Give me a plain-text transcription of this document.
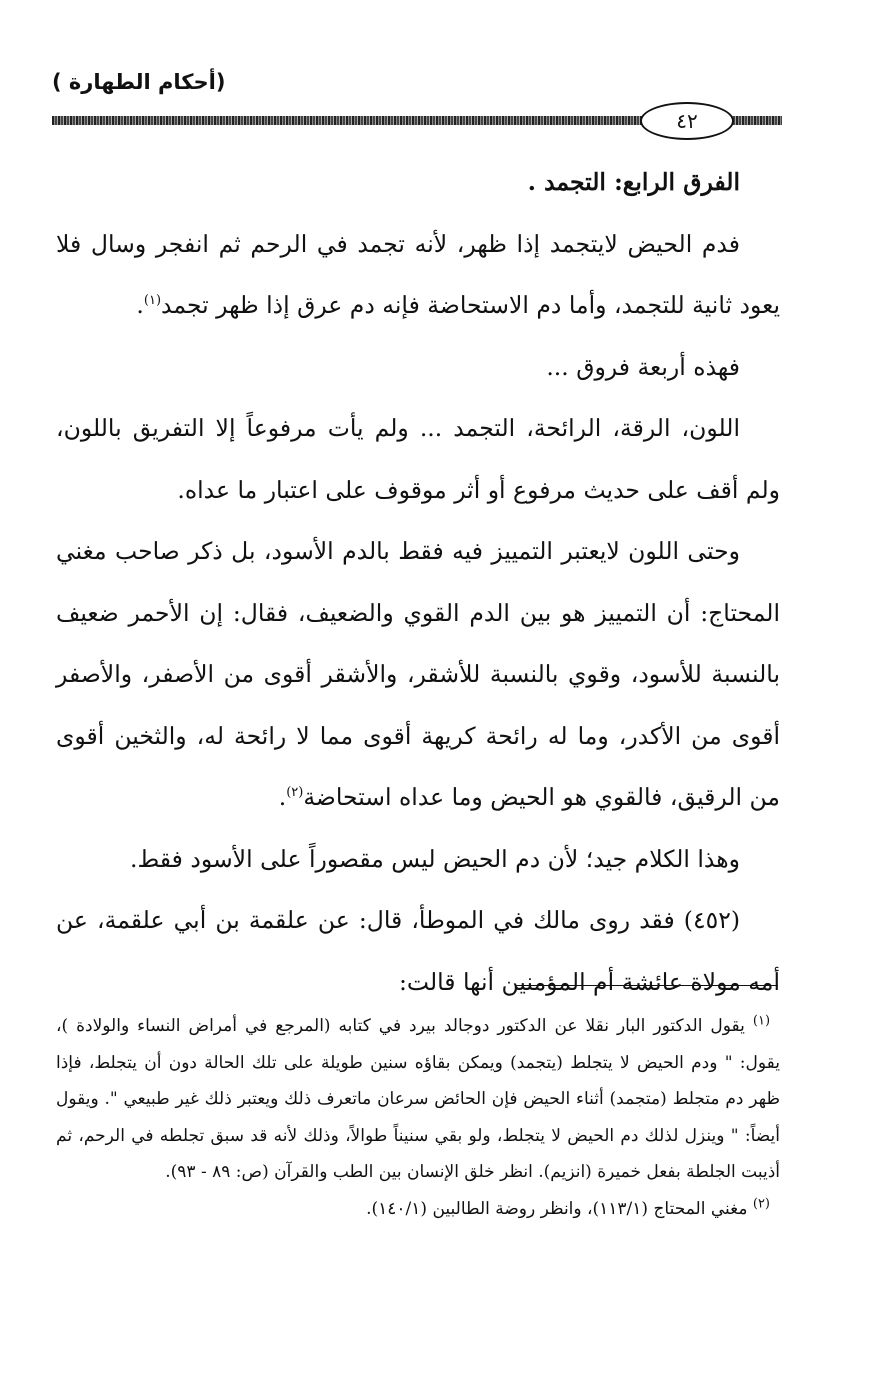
(أحكام الطهارة )
٤٢

الفرق الرابع: التجمد .

فدم الحيض لايتجمد إذا ظهر، لأنه تجمد في الرحم ثم انفجر وسال فلا يعود ثانية للتجمد، وأما دم الاستحاضة فإنه دم عرق إذا ظهر تجمد$^{(١)}$.

فهذه أربعة فروق ...

اللون، الرقة، الرائحة، التجمد ... ولم يأت مرفوعاً إلا التفريق باللون، ولم أقف على حديث مرفوع أو أثر موقوف على اعتبار ما عداه.

وحتى اللون لايعتبر التمييز فيه فقط بالدم الأسود، بل ذكر صاحب مغني المحتاج: أن التمييز هو بين الدم القوي والضعيف، فقال: إن الأحمر ضعيف بالنسبة للأسود، وقوي بالنسبة للأشقر، والأشقر أقوى من الأصفر، والأصفر أقوى من الأكدر، وما له رائحة كريهة أقوى مما لا رائحة له، والثخين أقوى من الرقيق، فالقوي هو الحيض وما عداه استحاضة$^{(٢)}$.

وهذا الكلام جيد؛ لأن دم الحيض ليس مقصوراً على الأسود فقط.

(٤٥٢) فقد روى مالك في الموطأ، قال: عن علقمة بن أبي علقمة، عن أمه مولاة عائشة أم المؤمنين أنها قالت:

$^{(١)}$ يقول الدكتور البار نقلا عن الدكتور دوجالد بيرد في كتابه (المرجع في أمراض النساء والولادة )، يقول: " ودم الحيض لا يتجلط (يتجمد) ويمكن بقاؤه سنين طويلة على تلك الحالة دون أن يتجلط، فإذا ظهر دم متجلط (متجمد) أثناء الحيض فإن الحائض سرعان ماتعرف ذلك ويعتبر ذلك غير طبيعي ". ويقول أيضاً: " وينزل لذلك دم الحيض لا يتجلط، ولو بقي سنيناً طوالاً، وذلك لأنه قد سبق تجلطه في الرحم، ثم أذيبت الجلطة بفعل خميرة (انزيم). انظر خلق الإنسان بين الطب والقرآن (ص: ٨٩ - ٩٣).

$^{(٢)}$ مغني المحتاج (١١٣/١)، وانظر روضة الطالبين (١٤٠/١).
